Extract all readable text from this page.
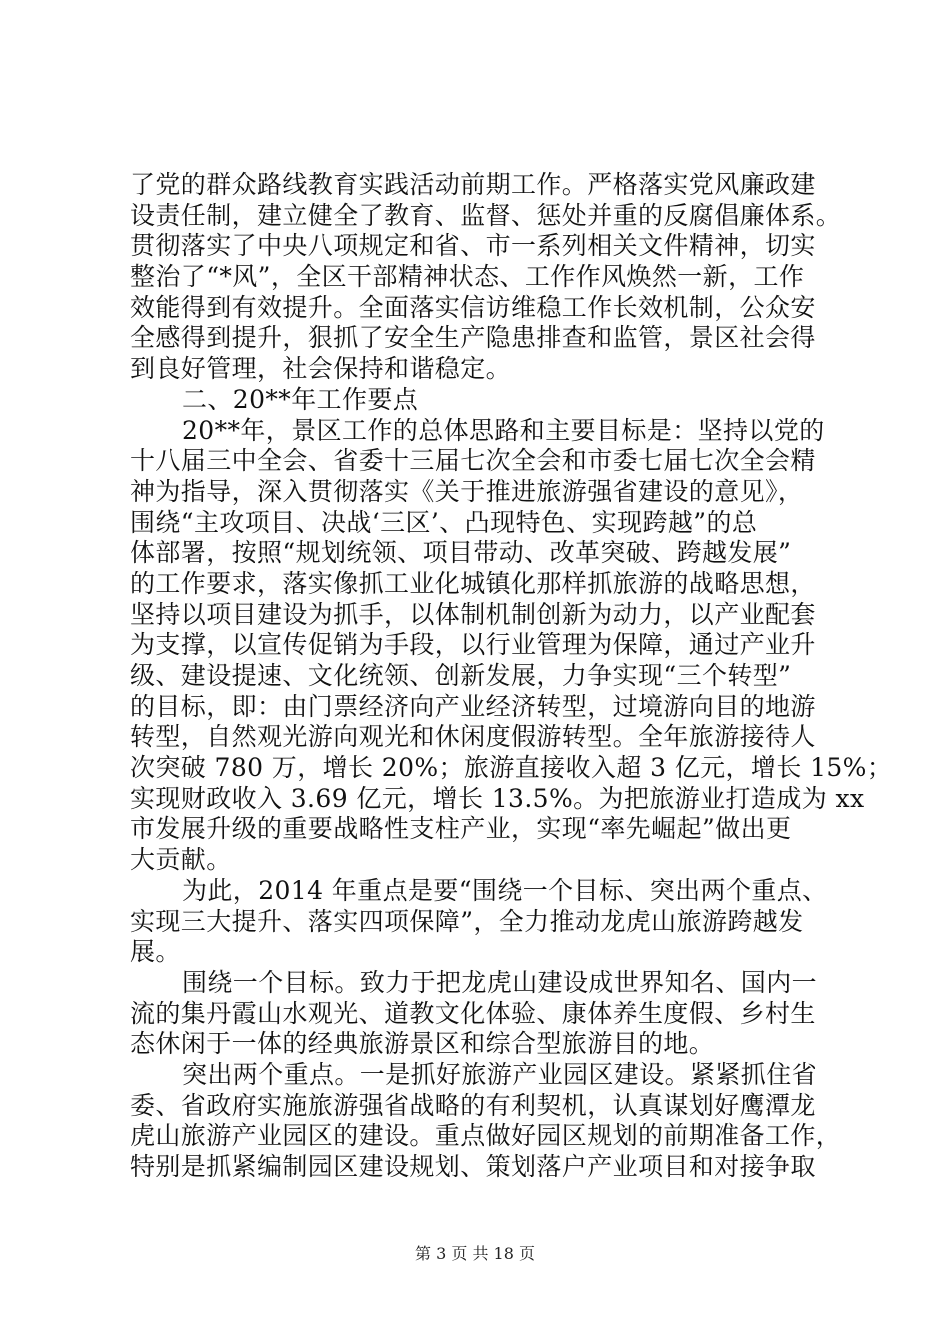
了党的群众路线教育实践活动前期工作。严格落实党风廉政建
设责任制，建立健全了教育、监督、惩处并重的反腐倡廉体系。
贯彻落实了中央八项规定和省、市一系列相关文件精神，切实
整治了“*风”，全区干部精神状态、工作作风焕然一新，工作
效能得到有效提升。全面落实信访维稳工作长效机制，公众安
全感得到提升，狠抓了安全生产隐患排查和监管，景区社会得
到良好管理，社会保持和谐稳定。
二、20**年工作要点
20**年，景区工作的总体思路和主要目标是：坚持以党的
十八届三中全会、省委十三届七次全会和市委七届七次全会精
神为指导，深入贯彻落实《关于推进旅游强省建设的意见》，
围绕“主攻项目、决战‘三区’、凸现特色、实现跨越”的总
体部署，按照“规划统领、项目带动、改革突破、跨越发展”
的工作要求，落实像抓工业化城镇化那样抓旅游的战略思想，
坚持以项目建设为抓手，以体制机制创新为动力，以产业配套
为支撑，以宣传促销为手段，以行业管理为保障，通过产业升
级、建设提速、文化统领、创新发展，力争实现“三个转型”
的目标，即：由门票经济向产业经济转型，过境游向目的地游
转型，自然观光游向观光和休闲度假游转型。全年旅游接待人
次突破 780 万，增长 20%；旅游直接收入超 3 亿元，增长 15%；
实现财政收入 3.69 亿元，增长 13.5%。为把旅游业打造成为 xx
市发展升级的重要战略性支柱产业，实现“率先崛起”做出更
大贡献。
为此，2014 年重点是要“围绕一个目标、突出两个重点、
实现三大提升、落实四项保障”，全力推动龙虎山旅游跨越发
展。
围绕一个目标。致力于把龙虎山建设成世界知名、国内一
流的集丹霞山水观光、道教文化体验、康体养生度假、乡村生
态休闲于一体的经典旅游景区和综合型旅游目的地。
突出两个重点。一是抓好旅游产业园区建设。紧紧抓住省
委、省政府实施旅游强省战略的有利契机，认真谋划好鹰潭龙
虎山旅游产业园区的建设。重点做好园区规划的前期准备工作，
特别是抓紧编制园区建设规划、策划落户产业项目和对接争取
第 3 页 共 18 页
